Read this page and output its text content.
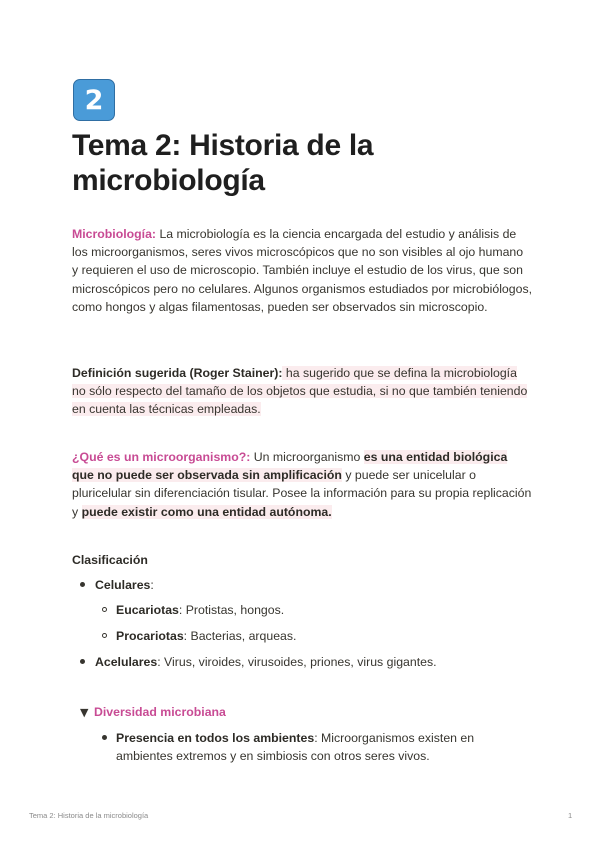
2
Tema 2: Historia de la microbiología

Microbiología: La microbiología es la ciencia encargada del estudio y análisis de los microorganismos, seres vivos microscópicos que no son visibles al ojo humano y requieren el uso de microscopio. También incluye el estudio de los virus, que son microscópicos pero no celulares. Algunos organismos estudiados por microbiólogos, como hongos y algas filamentosas, pueden ser observados sin microscopio.

Definición sugerida (Roger Stainer): ha sugerido que se defina la microbiología no sólo respecto del tamaño de los objetos que estudia, si no que también teniendo en cuenta las técnicas empleadas.

¿Qué es un microorganismo?: Un microorganismo es una entidad biológica que no puede ser observada sin amplificación y puede ser unicelular o pluricelular sin diferenciación tisular. Posee la información para su propia replicación y puede existir como una entidad autónoma.

Clasificación
Celulares:
Eucariotas: Protistas, hongos.
Procariotas: Bacterias, arqueas.
Acelulares: Virus, viroides, virusoides, priones, virus gigantes.
▼ Diversidad microbiana
Presencia en todos los ambientes: Microorganismos existen en
ambientes extremos y en simbiosis con otros seres vivos.
Tema 2: Historia de la microbiología	1
